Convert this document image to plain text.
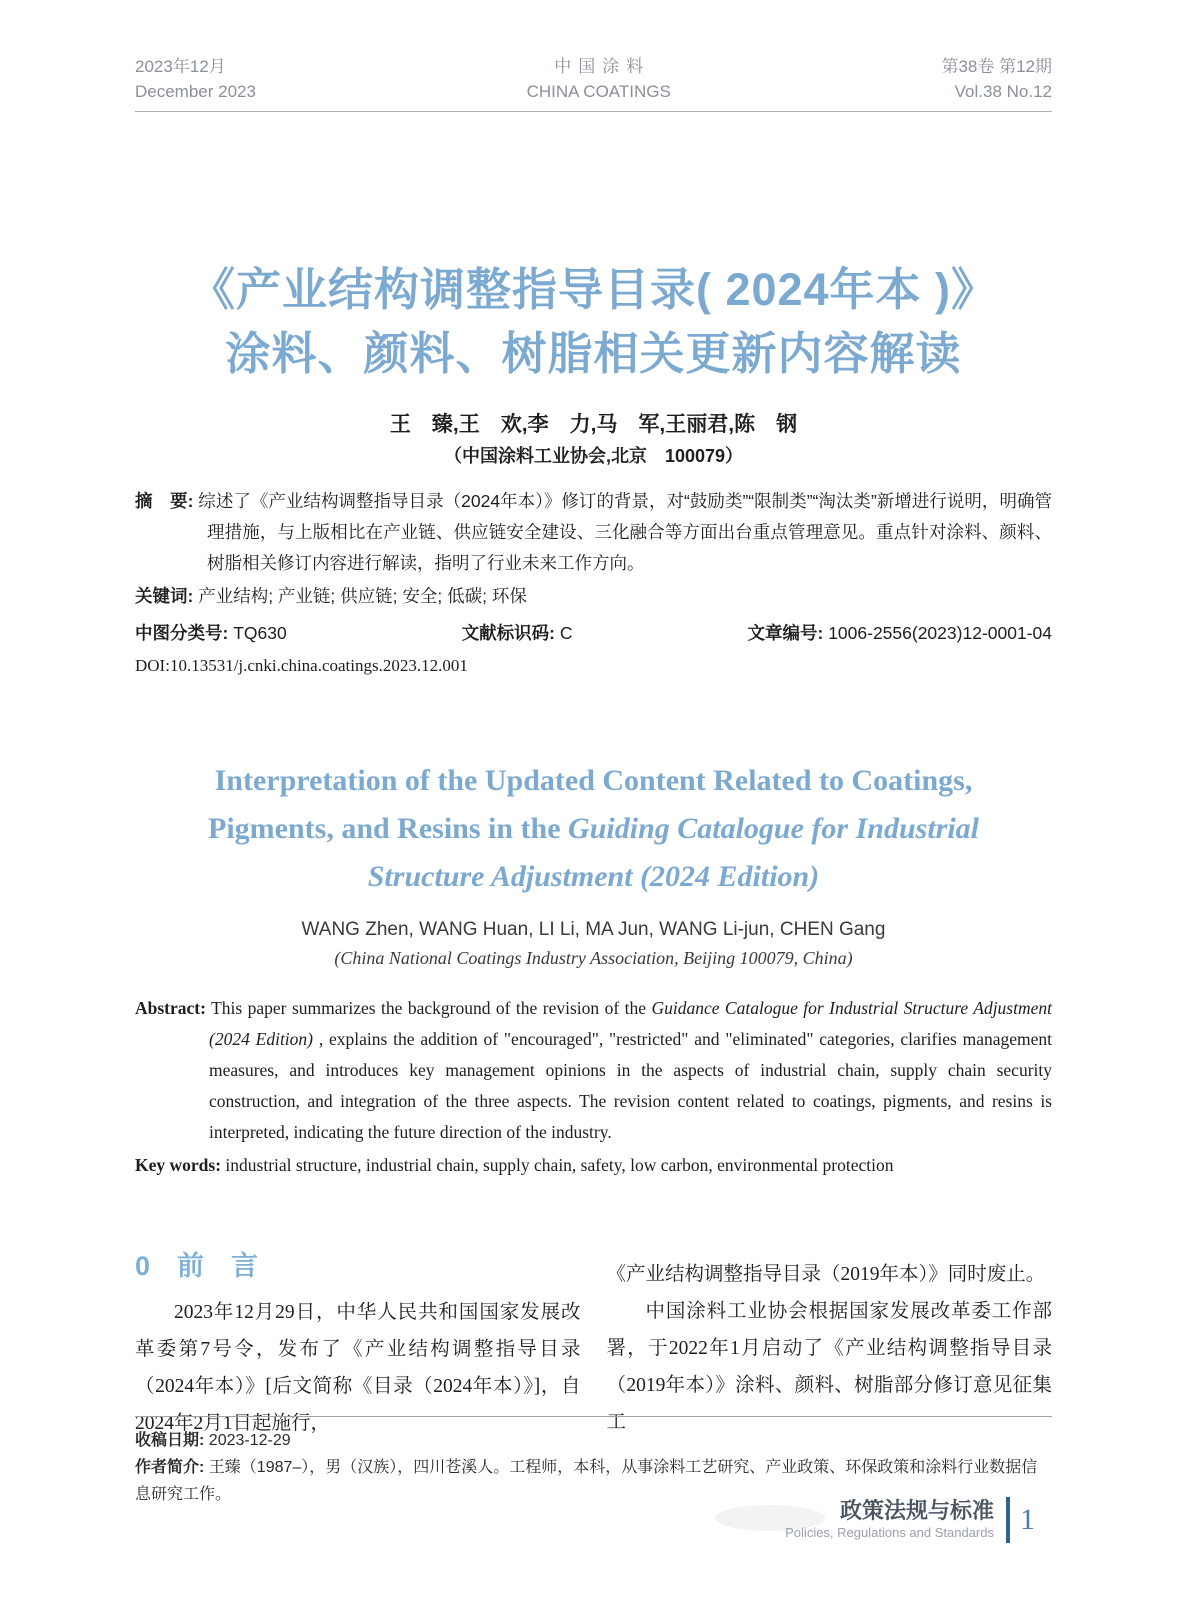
2023年12月
December 2023
中国涂料
CHINA COATINGS
第38卷 第12期
Vol.38 No.12
《产业结构调整指导目录( 2024年本 )》
涂料、颜料、树脂相关更新内容解读
王　臻,王　欢,李　力,马　军,王丽君,陈　钢
（中国涂料工业协会,北京　100079）
摘　要: 综述了《产业结构调整指导目录（2024年本）》修订的背景，对“鼓励类”“限制类”“淘汰类”新增进行说明，明确管理措施，与上版相比在产业链、供应链安全建设、三化融合等方面出台重点管理意见。重点针对涂料、颜料、树脂相关修订内容进行解读，指明了行业未来工作方向。
关键词: 产业结构; 产业链; 供应链; 安全; 低碳; 环保
中图分类号: TQ630	文献标识码: C	文章编号: 1006-2556(2023)12-0001-04
DOI:10.13531/j.cnki.china.coatings.2023.12.001
Interpretation of the Updated Content Related to Coatings,
Pigments, and Resins in the Guiding Catalogue for Industrial
Structure Adjustment (2024 Edition)
WANG Zhen, WANG Huan, LI Li, MA Jun, WANG Li-jun, CHEN Gang
(China National Coatings Industry Association, Beijing 100079, China)
Abstract: This paper summarizes the background of the revision of the Guidance Catalogue for Industrial Structure Adjustment (2024 Edition) , explains the addition of "encouraged", "restricted" and "eliminated" categories, clarifies management measures, and introduces key management opinions in the aspects of industrial chain, supply chain security construction, and integration of the three aspects. The revision content related to coatings, pigments, and resins is interpreted, indicating the future direction of the industry.
Key words: industrial structure, industrial chain, supply chain, safety, low carbon, environmental protection
0　前　言

2023年12月29日，中华人民共和国国家发展改革委第7号令，发布了《产业结构调整指导目录（2024年本）》[后文简称《目录（2024年本）》]，自2024年2月1日起施行，

《产业结构调整指导目录（2019年本）》同时废止。

中国涂料工业协会根据国家发展改革委工作部署，于2022年1月启动了《产业结构调整指导目录（2019年本）》涂料、颜料、树脂部分修订意见征集工

收稿日期: 2023-12-29
作者简介: 王臻（1987–），男（汉族），四川苍溪人。工程师，本科，从事涂料工艺研究、产业政策、环保政策和涂料行业数据信息研究工作。
政策法规与标准
Policies, Regulations and Standards 1
